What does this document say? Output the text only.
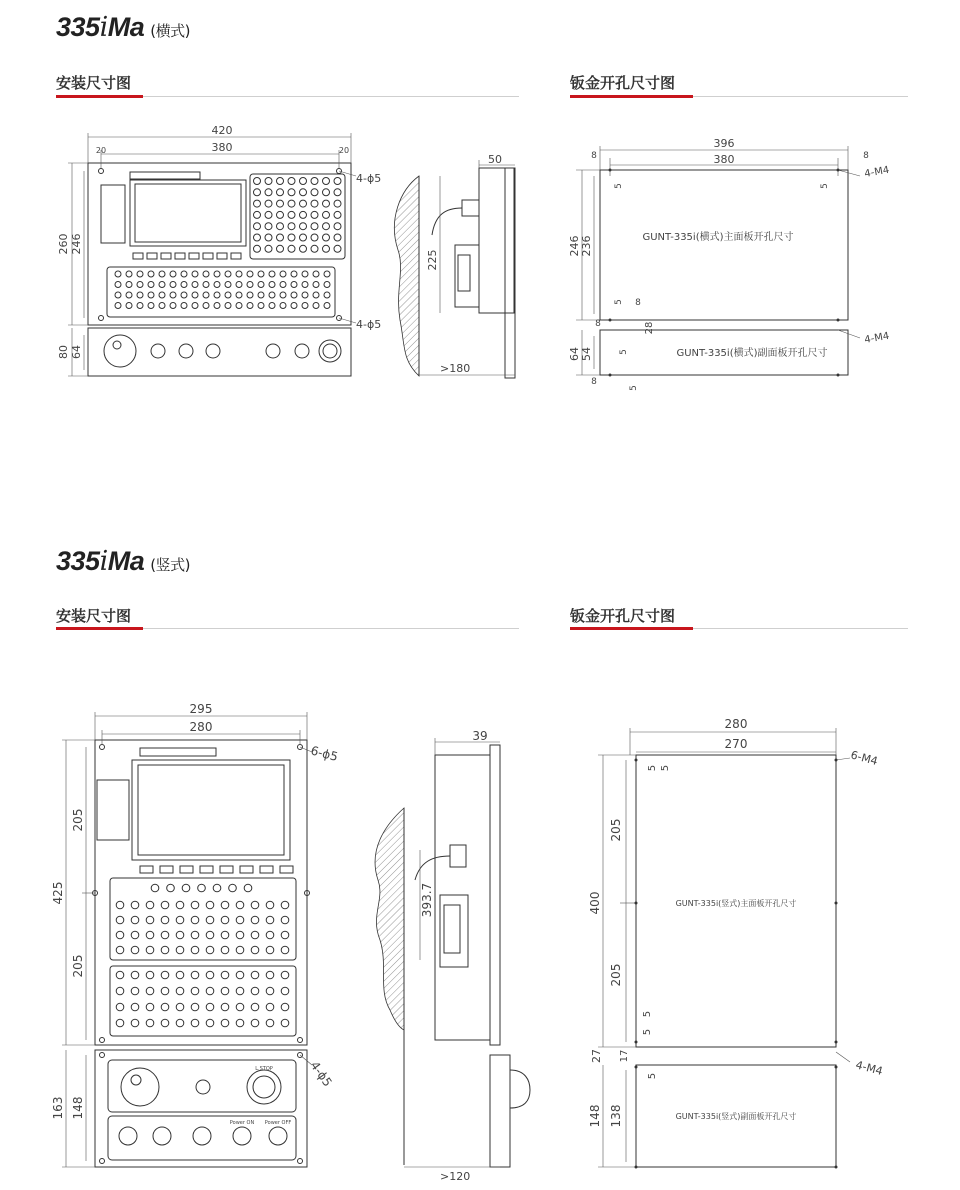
335iMa (横式)
安装尺寸图	钣金开孔尺寸图
335iMa (竖式)
安装尺寸图	钣金开孔尺寸图
420
380
20	20
260 246
80 64
4-ϕ5
4-ϕ5
50
225
>180
396
380
8	8
5	5
246 236
5 8
8	28
64 54	5
8
5
4-M4
4-M4
GUNT-335i(横式)主面板开孔尺寸
GUNT-335i(横式)副面板开孔尺寸
L.STOP
Power ON Power OFF
295
280
205
425
205
163 148
6-ϕ5
4-ϕ5
39
393.7
>120
280
270
5 5
205
400
205
5
5
27 17
5
148 138
6-M4
4-M4
GUNT-335i(竖式)主面板开孔尺寸
GUNT-335i(竖式)副面板开孔尺寸
